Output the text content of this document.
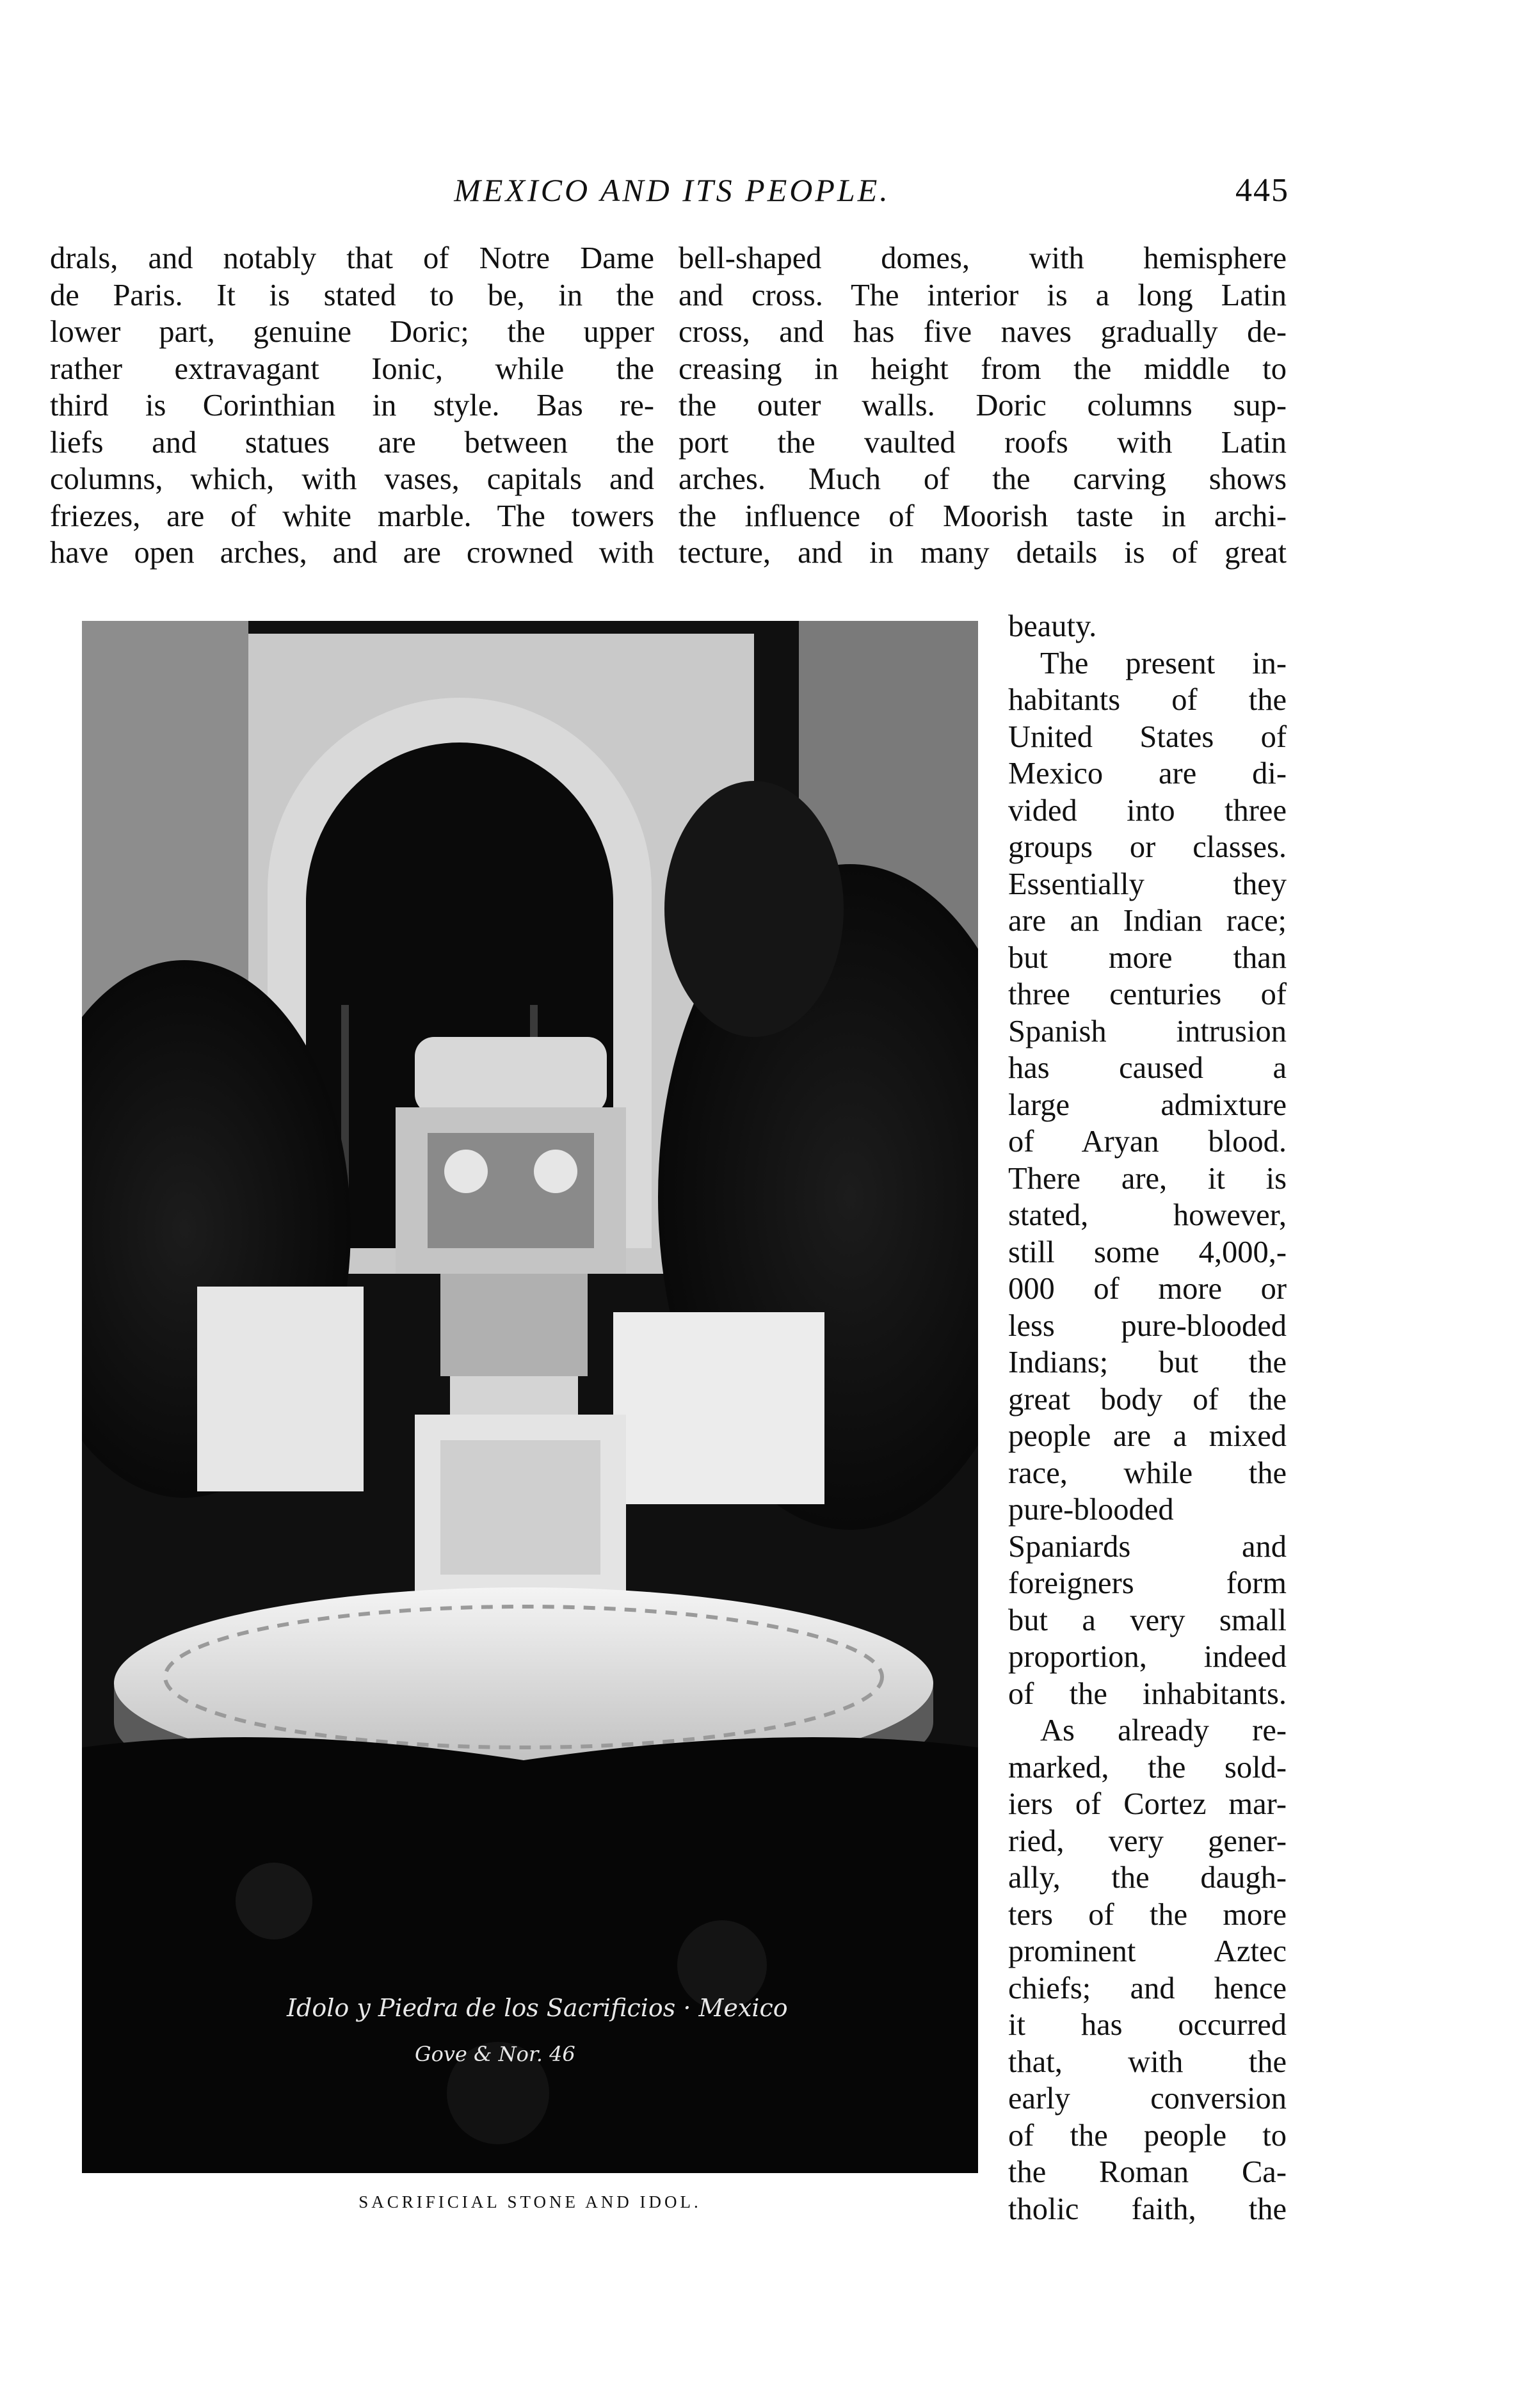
MEXICO AND ITS PEOPLE.	445
drals, and notably that of Notre Dame
de Paris. It is stated to be, in the
lower part, genuine Doric; the upper
rather extravagant Ionic, while the
third is Corinthian in style. Bas re-
liefs and statues are between the
columns, which, with vases, capitals and
friezes, are of white marble. The towers
have open arches, and are crowned with
bell-shaped domes, with hemisphere
and cross. The interior is a long Latin
cross, and has five naves gradually de-
creasing in height from the middle to
the outer walls. Doric columns sup-
port the vaulted roofs with Latin
arches. Much of the carving shows
the influence of Moorish taste in archi-
tecture, and in many details is of great
beauty.
The present in-
habitants of the
United States of
Mexico are di-
vided into three
groups or classes.
Essentially they
are an Indian race;
but more than
three centuries of
Spanish intrusion
has caused a
large admixture
of Aryan blood.
There are, it is
stated, however,
still some 4,000,-
000 of more or
less pure-blooded
Indians; but the
great body of the
people are a mixed
race, while the
pure-blooded
Spaniards and
foreigners form
but a very small
proportion, indeed
of the inhabitants.
As already re-
marked, the sold-
iers of Cortez mar-
ried, very gener-
ally, the daugh-
ters of the more
prominent Aztec
chiefs; and hence
it has occurred
that, with the
early conversion
of the people to
the Roman Ca-
tholic faith, the
Idolo y Piedra de los Sacrificios · Mexico
Gove & Nor. 46
SACRIFICIAL STONE AND IDOL.
